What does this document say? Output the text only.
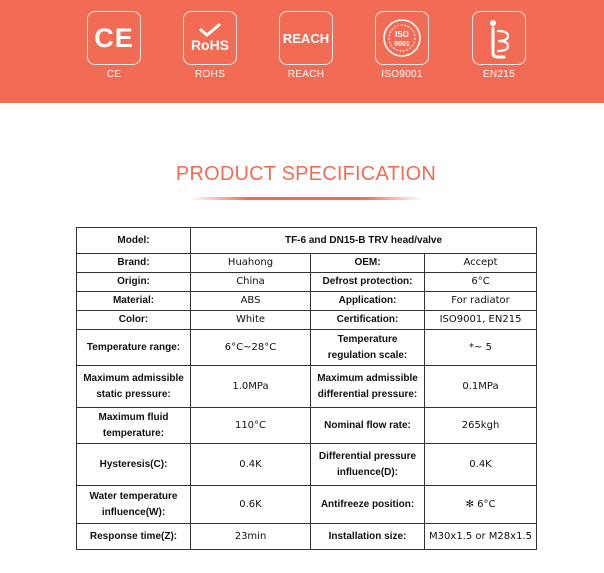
CE
CE
RoHS
ROHS
REACH
REACH
ISO
9001
ISO9001	EN215
PRODUCT SPECIFICATION
Model:	TF-6 and DN15-B TRV head/valve		
Brand:	Huahong	OEM:	Accept
Origin:	China	Defrost protection:	6°C
Material:	ABS	Application:	For radiator
Color:	White	Certification:	ISO9001, EN215
Temperature range:	6°C~28°C	Temperature regulation scale:	*~ 5
Maximum admissible static pressure:	1.0MPa	Maximum admissible differential pressure:	0.1MPa
Maximum fluid temperature:	110°C	Nominal flow rate:	265kgh
Hysteresis(C):	0.4K	Differential pressure influence(D):	0.4K
Water temperature influence(W):	0.6K	Antifreeze position:	✻ 6°C
Response time(Z):	23min	Installation size:	M30x1.5 or M28x1.5
